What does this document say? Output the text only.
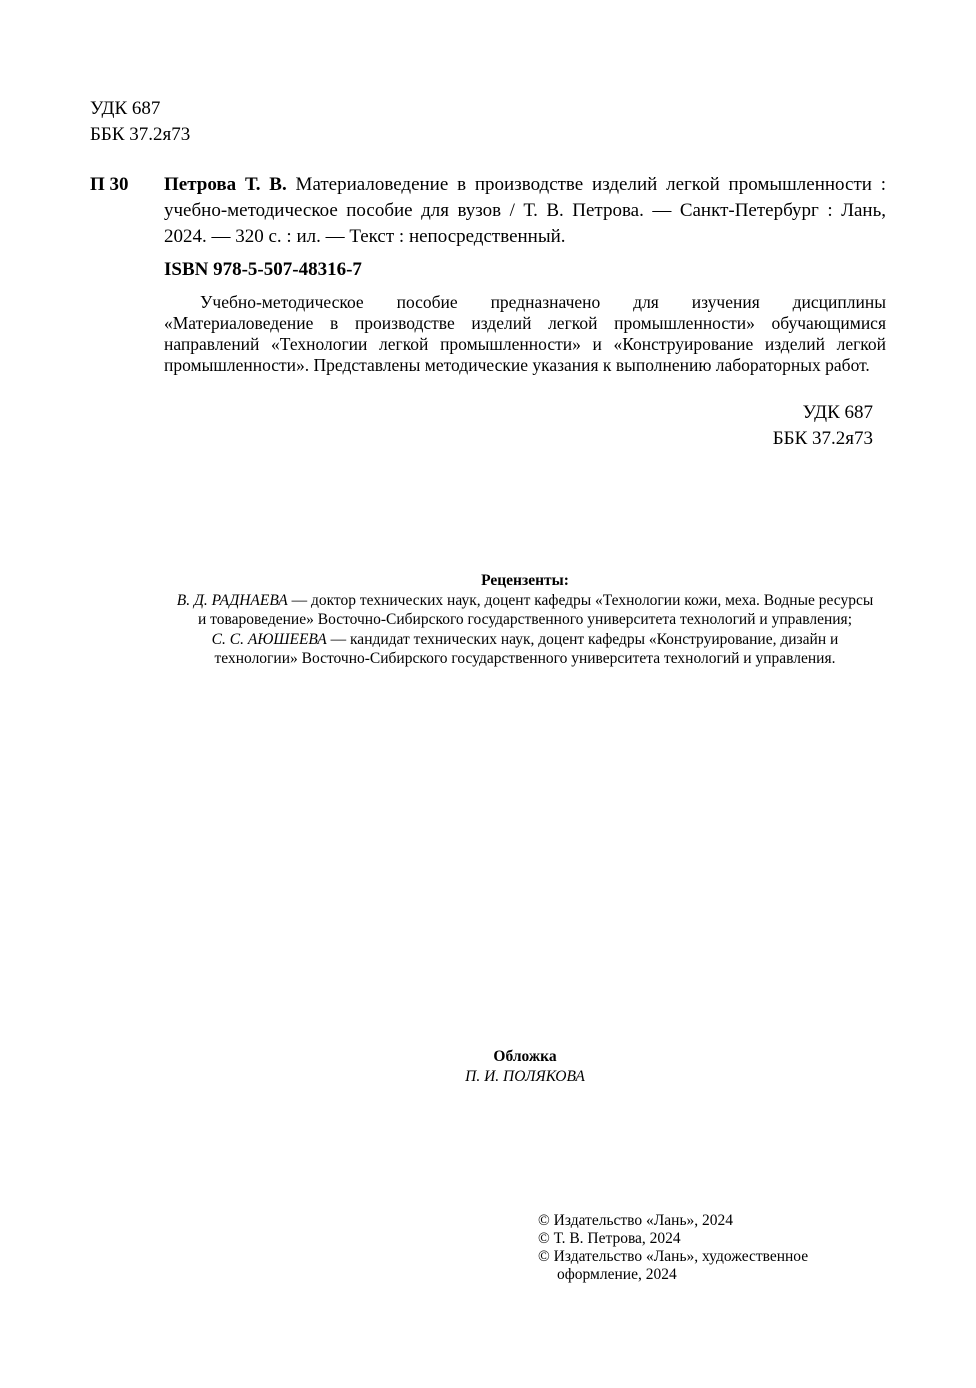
УДК 687
ББК 37.2я73
П 30 Петрова Т. В. Материаловедение в производстве изделий легкой промышленности : учебно-методическое пособие для вузов / Т. В. Петрова. — Санкт-Петербург : Лань, 2024. — 320 с. : ил. — Текст : непосредственный.
ISBN 978-5-507-48316-7
Учебно-методическое пособие предназначено для изучения дисциплины «Материаловедение в производстве изделий легкой промышленности» обучающимися направлений «Технологии легкой промышленности» и «Конструирование изделий легкой промышленности». Представлены методические указания к выполнению лабораторных работ.
УДК 687
ББК 37.2я73
Рецензенты:
В. Д. РАДНАЕВА — доктор технических наук, доцент кафедры «Технологии кожи, меха. Водные ресурсы и товароведение» Восточно-Сибирского государственного университета технологий и управления;
С. С. АЮШЕЕВА — кандидат технических наук, доцент кафедры «Конструирование, дизайн и технологии» Восточно-Сибирского государственного университета технологий и управления.
Обложка
П. И. ПОЛЯКОВА
© Издательство «Лань», 2024
© Т. В. Петрова, 2024
© Издательство «Лань», художественное
оформление, 2024
